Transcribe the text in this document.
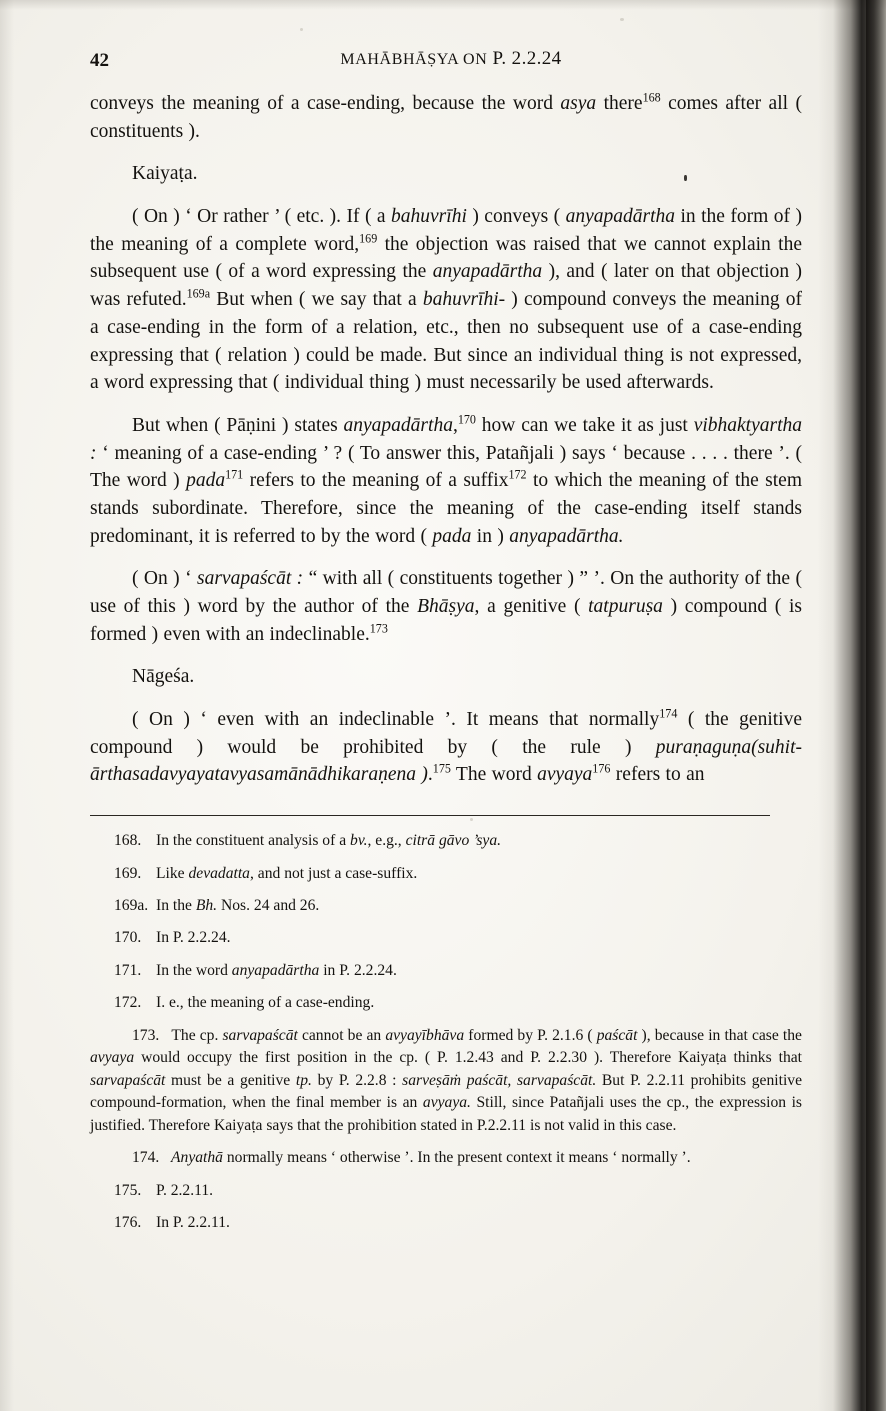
42	MAHĀBHĀṢYA ON P. 2.2.24

conveys the meaning of a case-ending, because the word asya there$^{168}$ comes after all ( constituents ).

Kaiyaṭa.

( On ) ‘ Or rather ’ ( etc. ). If ( a bahuvrīhi ) conveys ( anyapadārtha in the form of ) the meaning of a complete word,$^{169}$ the objection was raised that we cannot explain the subsequent use ( of a word expressing the anyapadārtha ), and ( later on that objection ) was refuted.$^{169a}$ But when ( we say that a bahuvrīhi- ) compound conveys the meaning of a case-ending in the form of a relation, etc., then no subsequent use of a case-ending expressing that ( relation ) could be made. But since an individual thing is not expressed, a word expressing that ( individual thing ) must necessarily be used afterwards.

But when ( Pāṇini ) states anyapadārtha,$^{170}$ how can we take it as just vibhaktyartha : ‘ meaning of a case-ending ’ ? ( To answer this, Patañjali ) says ‘ because . . . . there ’. ( The word ) pada$^{171}$ refers to the meaning of a suffix$^{172}$ to which the meaning of the stem stands subordinate. Therefore, since the meaning of the case-ending itself stands predominant, it is referred to by the word ( pada in ) anyapadārtha.

( On ) ‘ sarvapaścāt : “ with all ( constituents together ) ” ’. On the authority of the ( use of this ) word by the author of the Bhāṣya, a genitive ( tatpuruṣa ) compound ( is formed ) even with an indeclinable.$^{173}$

Nāgeśa.

( On ) ‘ even with an indeclinable ’. It means that normally$^{174}$ ( the genitive compound ) would be prohibited by ( the rule ) puraṇaguṇa(suhit-ārthasadavyayatavyasamānādhikaraṇena ).$^{175}$ The word avyaya$^{176}$ refers to an

168. In the constituent analysis of a bv., e.g., citrā gāvo ’sya.

169. Like devadatta, and not just a case-suffix.

169a. In the Bh. Nos. 24 and 26.

170. In P. 2.2.24.

171. In the word anyapadārtha in P. 2.2.24.

172. I. e., the meaning of a case-ending.

173.   The cp. sarvapaścāt cannot be an avyayībhāva formed by P. 2.1.6 ( paścāt ), because in that case the avyaya would occupy the first position in the cp. ( P. 1.2.43 and P. 2.2.30 ). Therefore Kaiyaṭa thinks that sarvapaścāt must be a genitive tp. by P. 2.2.8 : sarveṣāṁ paścāt, sarvapaścāt. But P. 2.2.11 prohibits genitive compound-formation, when the final member is an avyaya. Still, since Patañjali uses the cp., the expression is justified. Therefore Kaiyaṭa says that the prohibition stated in P.2.2.11 is not valid in this case.

174. Anyathā normally means ‘ otherwise ’. In the present context it means ‘ normally ’.

175. P. 2.2.11.

176. In P. 2.2.11.
